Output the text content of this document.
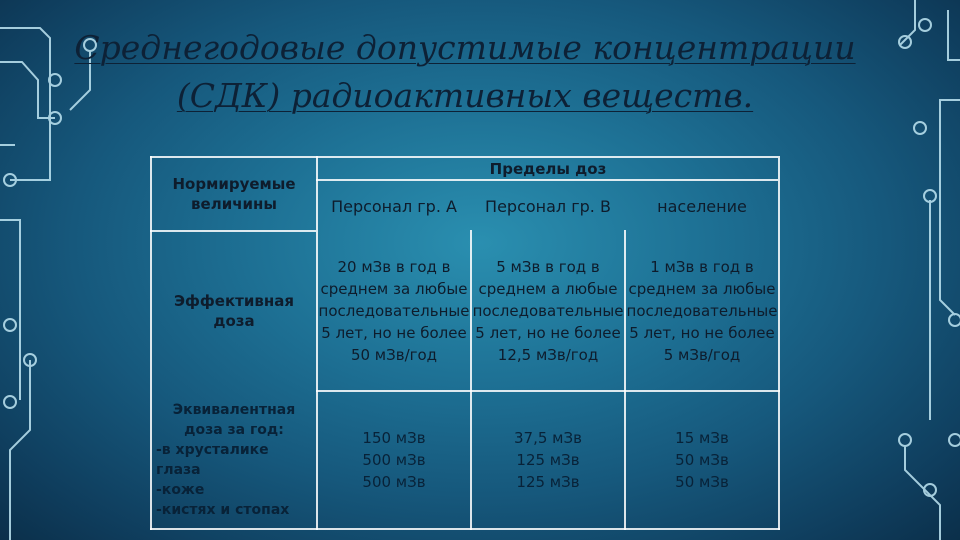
Среднегодовые допустимые концентрации
(СДК) радиоактивных веществ.
Нормируемые величины
Пределы доз
Персонал гр. А	Персонал гр. В	население
Эффективная доза
20 мЗв в год в среднем за любые последовательные 5 лет, но не более 50 мЗв/год
5 мЗв в год в среднем а любые последовательные 5 лет, но не более 12,5 мЗв/год
1 мЗв в год в среднем за любые последовательные 5 лет, но не более 5 мЗв/год
Эквивалентная
доза за год:
-в хрусталике
глаза
-коже
-кистях и стопах
150 мЗв
500 мЗв
500 мЗв
37,5 мЗв
125 мЗв
125 мЗв
15 мЗв
50 мЗв
50 мЗв
